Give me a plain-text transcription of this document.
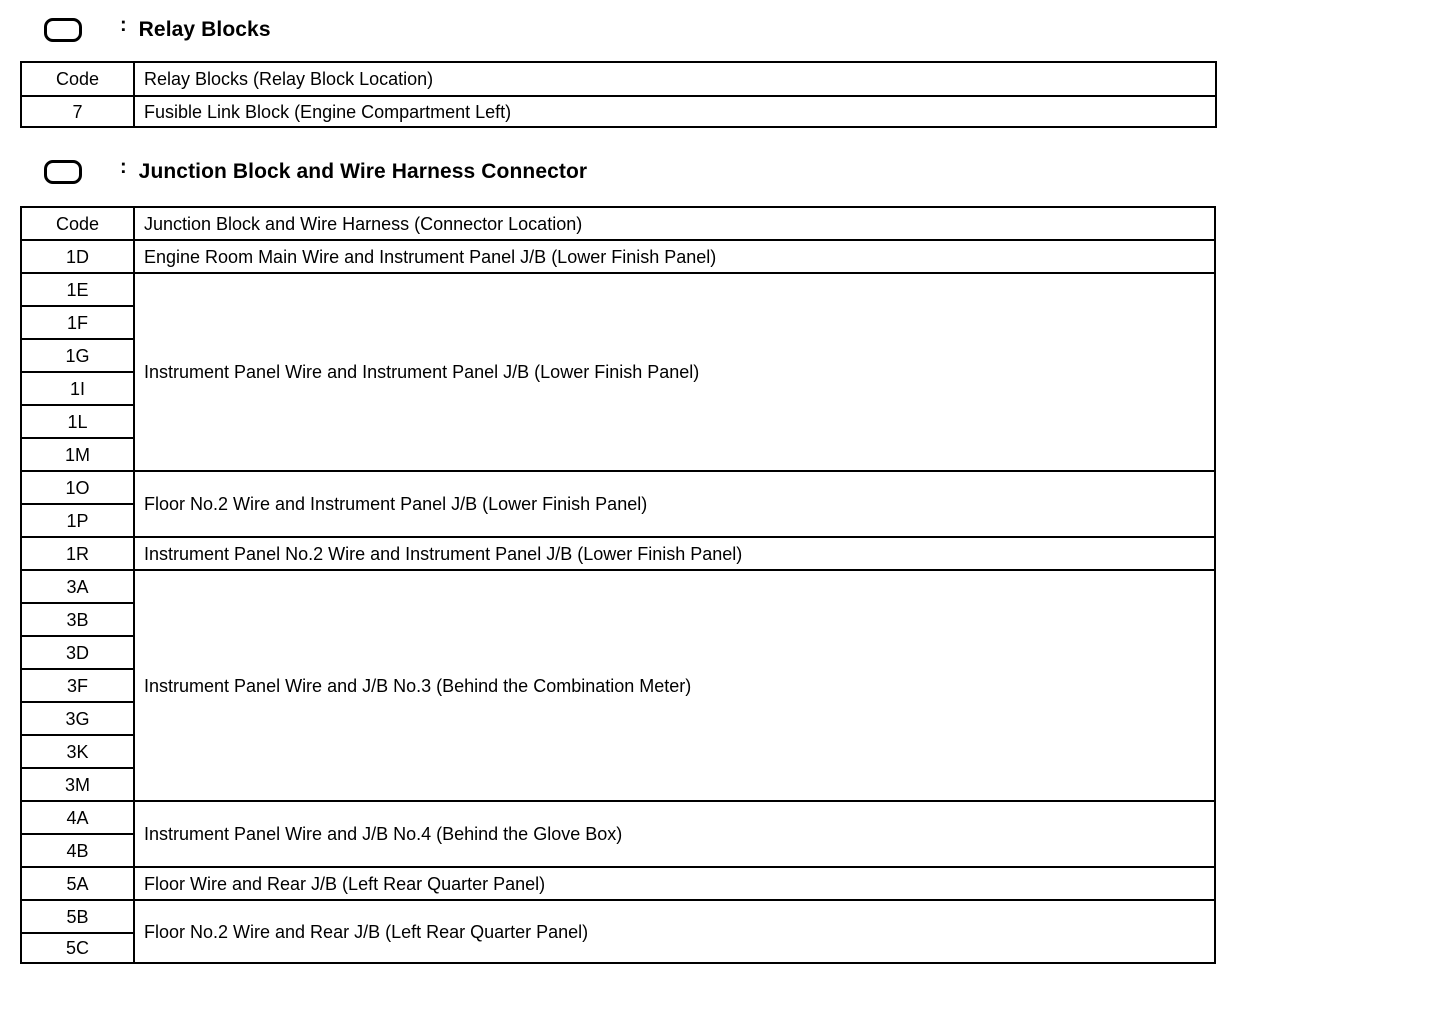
: Relay Blocks
Code	Relay Blocks (Relay Block Location)
7	Fusible Link Block (Engine Compartment Left)
: Junction Block and Wire Harness Connector
Code	Junction Block and Wire Harness (Connector Location)
1D	Engine Room Main Wire and Instrument Panel J/B (Lower Finish Panel)
1E	Instrument Panel Wire and Instrument Panel J/B (Lower Finish Panel)
1F	
1G	
1I	
1L	
1M	
1O	Floor No.2 Wire and Instrument Panel J/B (Lower Finish Panel)
1P	
1R	Instrument Panel No.2 Wire and Instrument Panel J/B (Lower Finish Panel)
3A	Instrument Panel Wire and J/B No.3 (Behind the Combination Meter)
3B	
3D	
3F	
3G	
3K	
3M	
4A	Instrument Panel Wire and J/B No.4 (Behind the Glove Box)
4B	
5A	Floor Wire and Rear J/B (Left Rear Quarter Panel)
5B	Floor No.2 Wire and Rear J/B (Left Rear Quarter Panel)
5C	
